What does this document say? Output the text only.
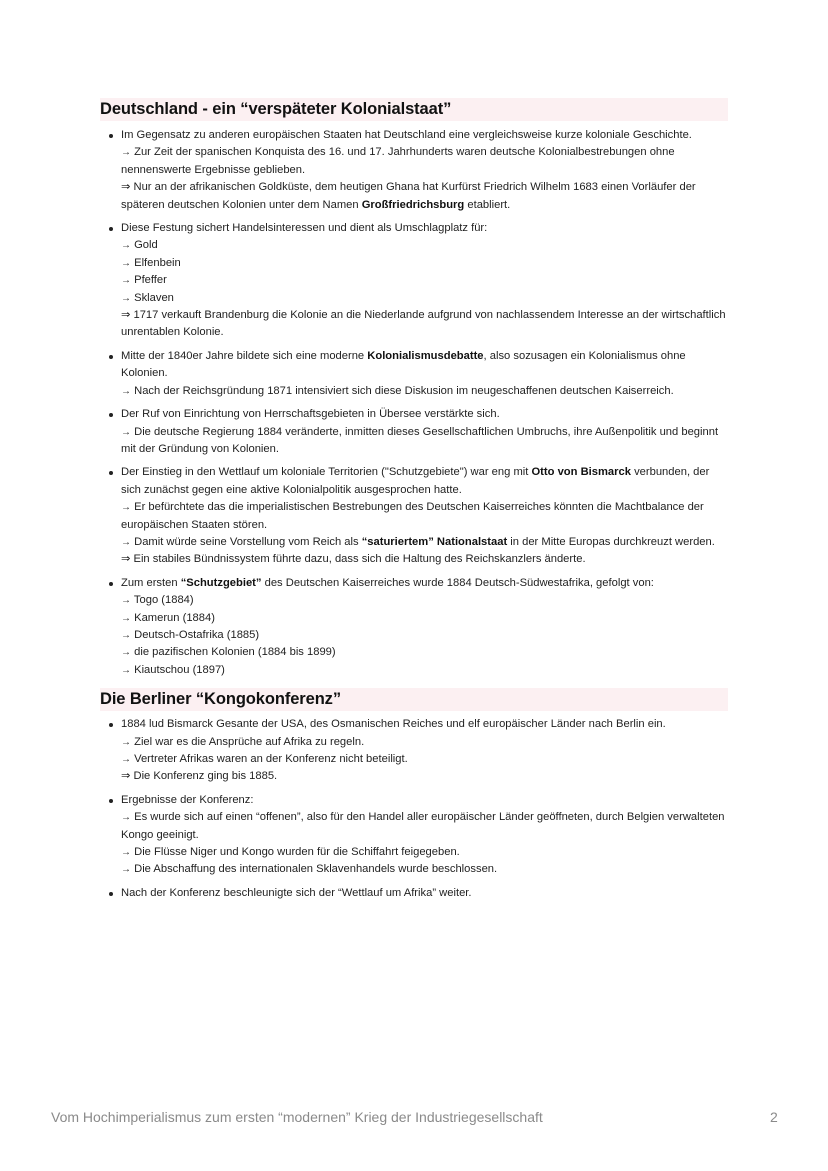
Deutschland - ein “verspäteter Kolonialstaat”
Im Gegensatz zu anderen europäischen Staaten hat Deutschland eine vergleichsweise kurze koloniale Geschichte.
→ Zur Zeit der spanischen Konquista des 16. und 17. Jahrhunderts waren deutsche Kolonialbestrebungen ohne nennenswerte Ergebnisse geblieben.
⇒ Nur an der afrikanischen Goldküste, dem heutigen Ghana hat Kurfürst Friedrich Wilhelm 1683 einen Vorläufer der späteren deutschen Kolonien unter dem Namen Großfriedrichsburg etabliert.
Diese Festung sichert Handelsinteressen und dient als Umschlagplatz für:
→ Gold
→ Elfenbein
→ Pfeffer
→ Sklaven
⇒ 1717 verkauft Brandenburg die Kolonie an die Niederlande aufgrund von nachlassendem Interesse an der wirtschaftlich unrentablen Kolonie.
Mitte der 1840er Jahre bildete sich eine moderne Kolonialismusdebatte, also sozusagen ein Kolonialismus ohne Kolonien.
→ Nach der Reichsgründung 1871 intensiviert sich diese Diskusion im neugeschaffenen deutschen Kaiserreich.
Der Ruf von Einrichtung von Herrschaftsgebieten in Übersee verstärkte sich.
→ Die deutsche Regierung 1884 veränderte, inmitten dieses Gesellschaftlichen Umbruchs, ihre Außenpolitik und beginnt mit der Gründung von Kolonien.
Der Einstieg in den Wettlauf um koloniale Territorien ("Schutzgebiete") war eng mit Otto von Bismarck verbunden, der sich zunächst gegen eine aktive Kolonialpolitik ausgesprochen hatte.
→ Er befürchtete das die imperialistischen Bestrebungen des Deutschen Kaiserreiches könnten die Machtbalance der europäischen Staaten stören.
→ Damit würde seine Vorstellung vom Reich als “saturiertem” Nationalstaat in der Mitte Europas durchkreuzt werden.
⇒ Ein stabiles Bündnissystem führte dazu, dass sich die Haltung des Reichskanzlers änderte.
Zum ersten “Schutzgebiet” des Deutschen Kaiserreiches wurde 1884 Deutsch-Südwestafrika, gefolgt von:
→ Togo (1884)
→ Kamerun (1884)
→ Deutsch-Ostafrika (1885)
→ die pazifischen Kolonien (1884 bis 1899)
→ Kiautschou (1897)
Die Berliner “Kongokonferenz”
1884 lud Bismarck Gesante der USA, des Osmanischen Reiches und elf europäischer Länder nach Berlin ein.
→ Ziel war es die Ansprüche auf Afrika zu regeln.
→ Vertreter Afrikas waren an der Konferenz nicht beteiligt.
⇒ Die Konferenz ging bis 1885.
Ergebnisse der Konferenz:
→ Es wurde sich auf einen “offenen”, also für den Handel aller europäischer Länder geöffneten, durch Belgien verwalteten Kongo geeinigt.
→ Die Flüsse Niger und Kongo wurden für die Schiffahrt feigegeben.
→ Die Abschaffung des internationalen Sklavenhandels wurde beschlossen.
Nach der Konferenz beschleunigte sich der “Wettlauf um Afrika” weiter.
Vom Hochimperialismus zum ersten “modernen” Krieg der Industriegesellschaft	2
